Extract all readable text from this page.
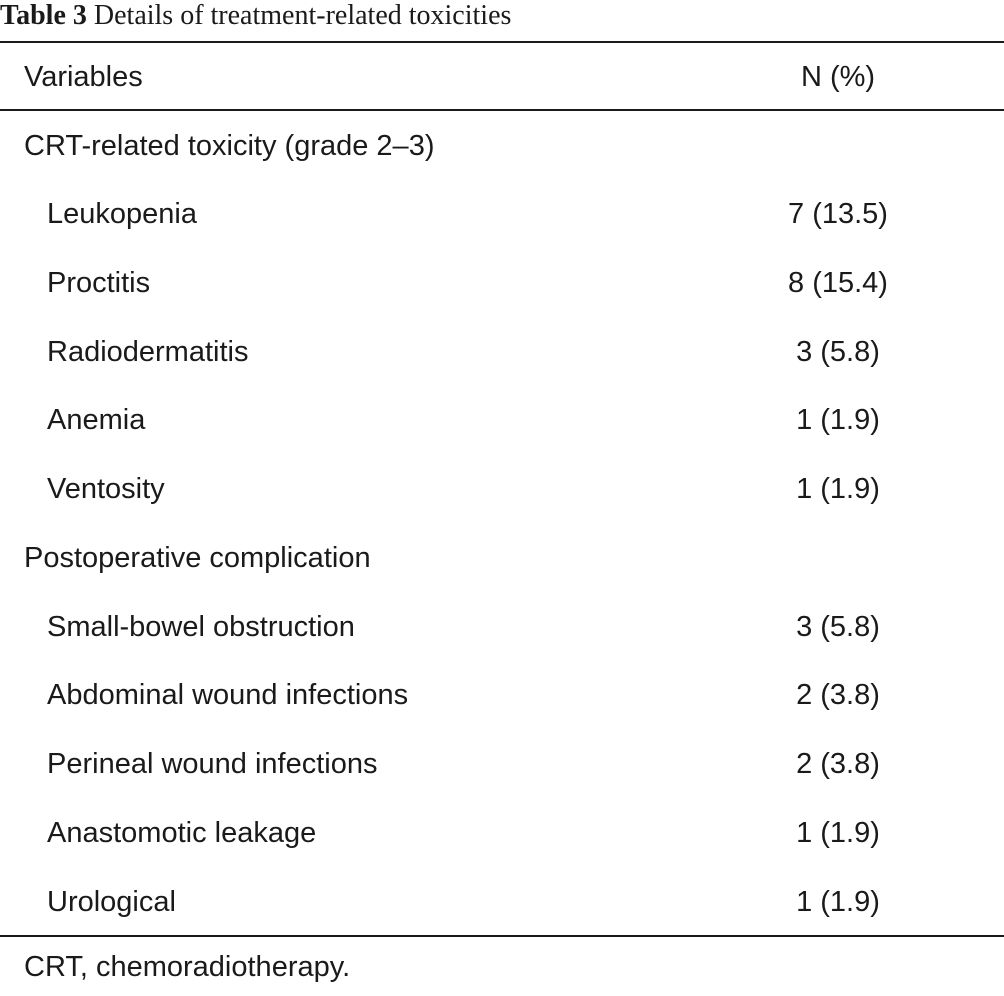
Table 3 Details of treatment-related toxicities
Variables	N (%)
CRT-related toxicity (grade 2–3)
Leukopenia	7 (13.5)
Proctitis	8 (15.4)
Radiodermatitis	3 (5.8)
Anemia	1 (1.9)
Ventosity	1 (1.9)
Postoperative complication
Small-bowel obstruction	3 (5.8)
Abdominal wound infections	2 (3.8)
Perineal wound infections	2 (3.8)
Anastomotic leakage	1 (1.9)
Urological	1 (1.9)
CRT, chemoradiotherapy.
